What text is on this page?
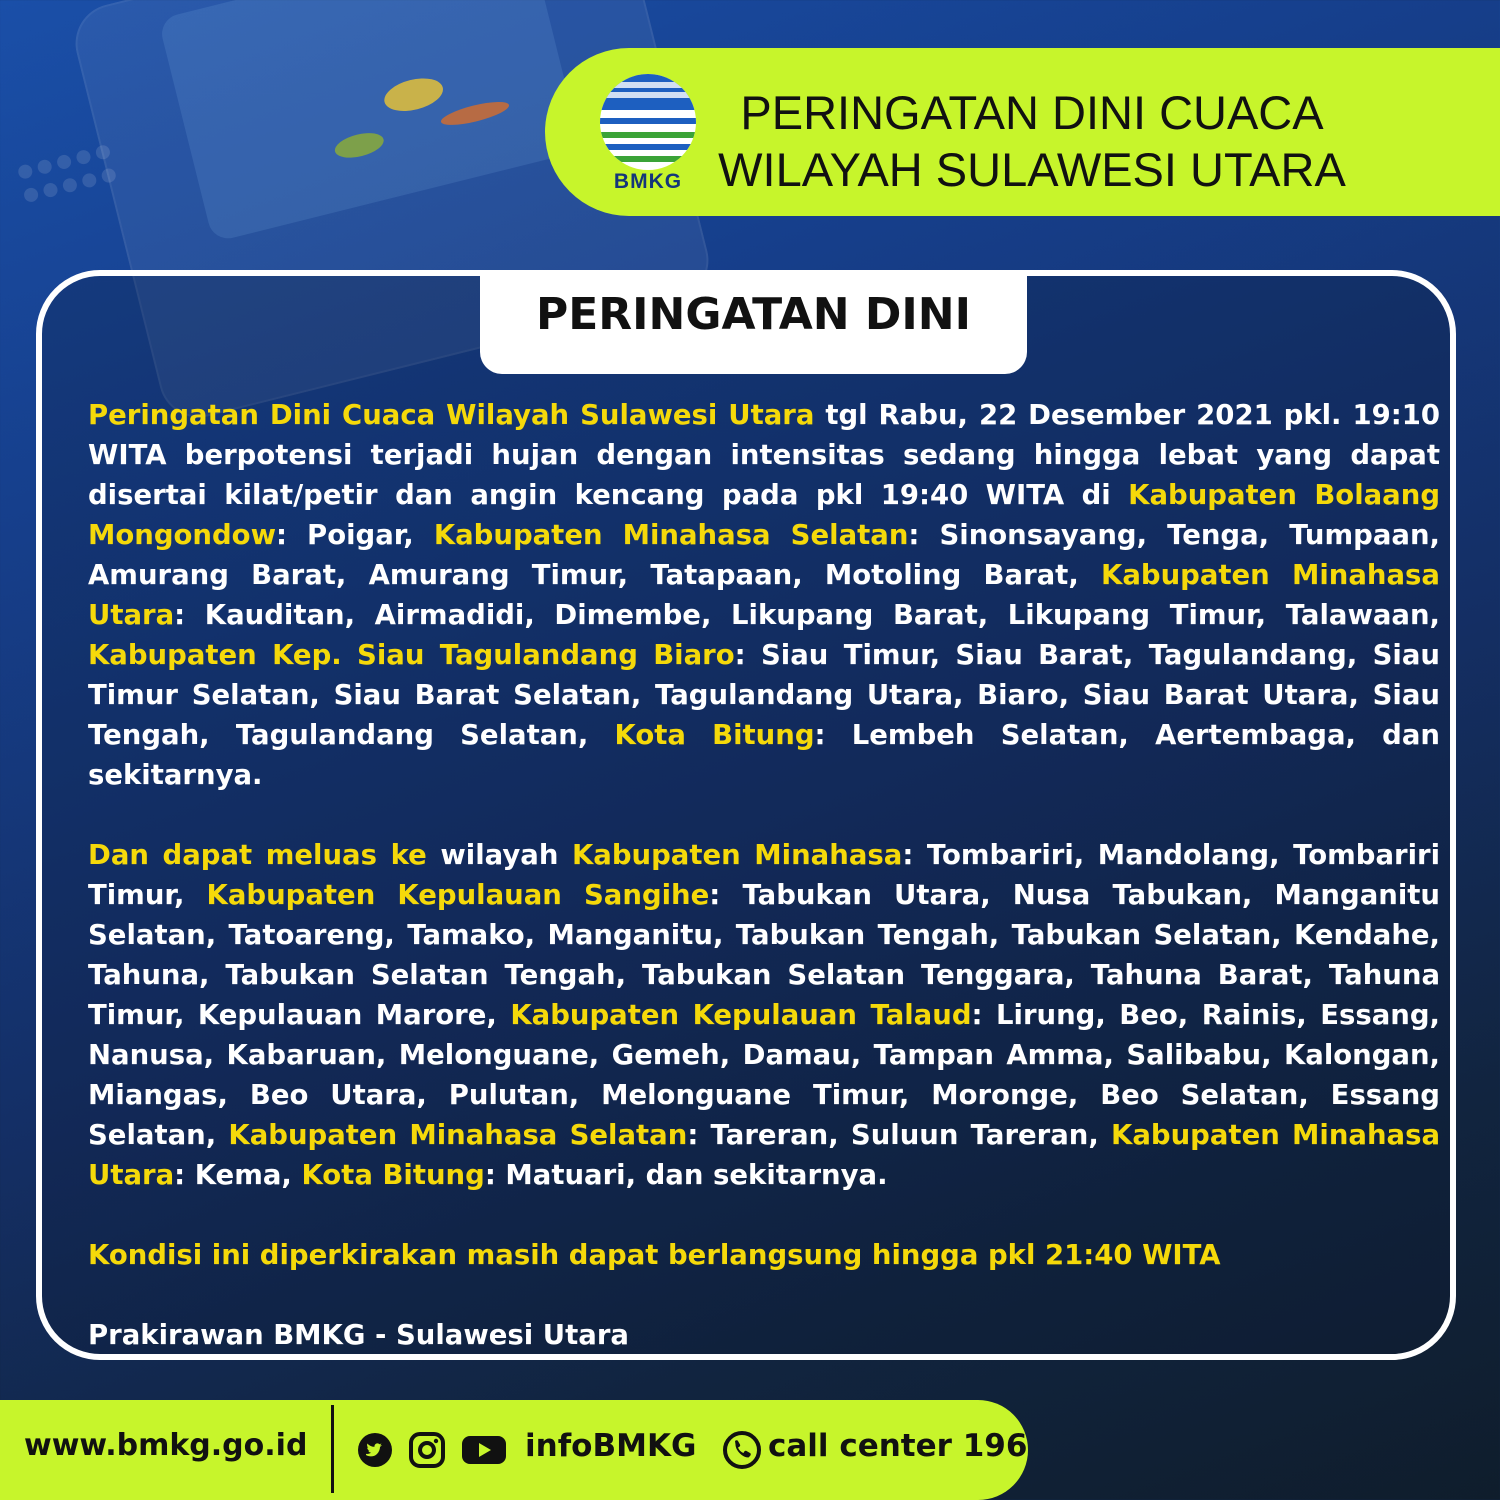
BMKG
PERINGATAN DINI CUACA
WILAYAH SULAWESI UTARA
PERINGATAN DINI

Peringatan Dini Cuaca Wilayah Sulawesi Utara tgl Rabu, 22 Desember 2021 pkl. 19:10 WITA berpotensi terjadi hujan dengan intensitas sedang hingga lebat yang dapat disertai kilat/petir dan angin kencang pada pkl 19:40 WITA di Kabupaten Bolaang Mongondow: Poigar, Kabupaten Minahasa Selatan: Sinonsayang, Tenga, Tumpaan, Amurang Barat, Amurang Timur, Tatapaan, Motoling Barat, Kabupaten Minahasa Utara: Kauditan, Airmadidi, Dimembe, Likupang Barat, Likupang Timur, Talawaan, Kabupaten Kep. Siau Tagulandang Biaro: Siau Timur, Siau Barat, Tagulandang, Siau Timur Selatan, Siau Barat Selatan, Tagulandang Utara, Biaro, Siau Barat Utara, Siau Tengah, Tagulandang Selatan, Kota Bitung: Lembeh Selatan, Aertembaga, dan sekitarnya.

Dan dapat meluas ke wilayah Kabupaten Minahasa: Tombariri, Mandolang, Tombariri Timur, Kabupaten Kepulauan Sangihe: Tabukan Utara, Nusa Tabukan, Manganitu Selatan, Tatoareng, Tamako, Manganitu, Tabukan Tengah, Tabukan Selatan, Kendahe, Tahuna, Tabukan Selatan Tengah, Tabukan Selatan Tenggara, Tahuna Barat, Tahuna Timur, Kepulauan Marore, Kabupaten Kepulauan Talaud: Lirung, Beo, Rainis, Essang, Nanusa, Kabaruan, Melonguane, Gemeh, Damau, Tampan Amma, Salibabu, Kalongan, Miangas, Beo Utara, Pulutan, Melonguane Timur, Moronge, Beo Selatan, Essang Selatan, Kabupaten Minahasa Selatan: Tareran, Suluun Tareran, Kabupaten Minahasa Utara: Kema, Kota Bitung: Matuari, dan sekitarnya.

Kondisi ini diperkirakan masih dapat berlangsung hingga pkl 21:40 WITA

Prakirawan BMKG - Sulawesi Utara

www.bmkg.go.id	infoBMKG call center 196
